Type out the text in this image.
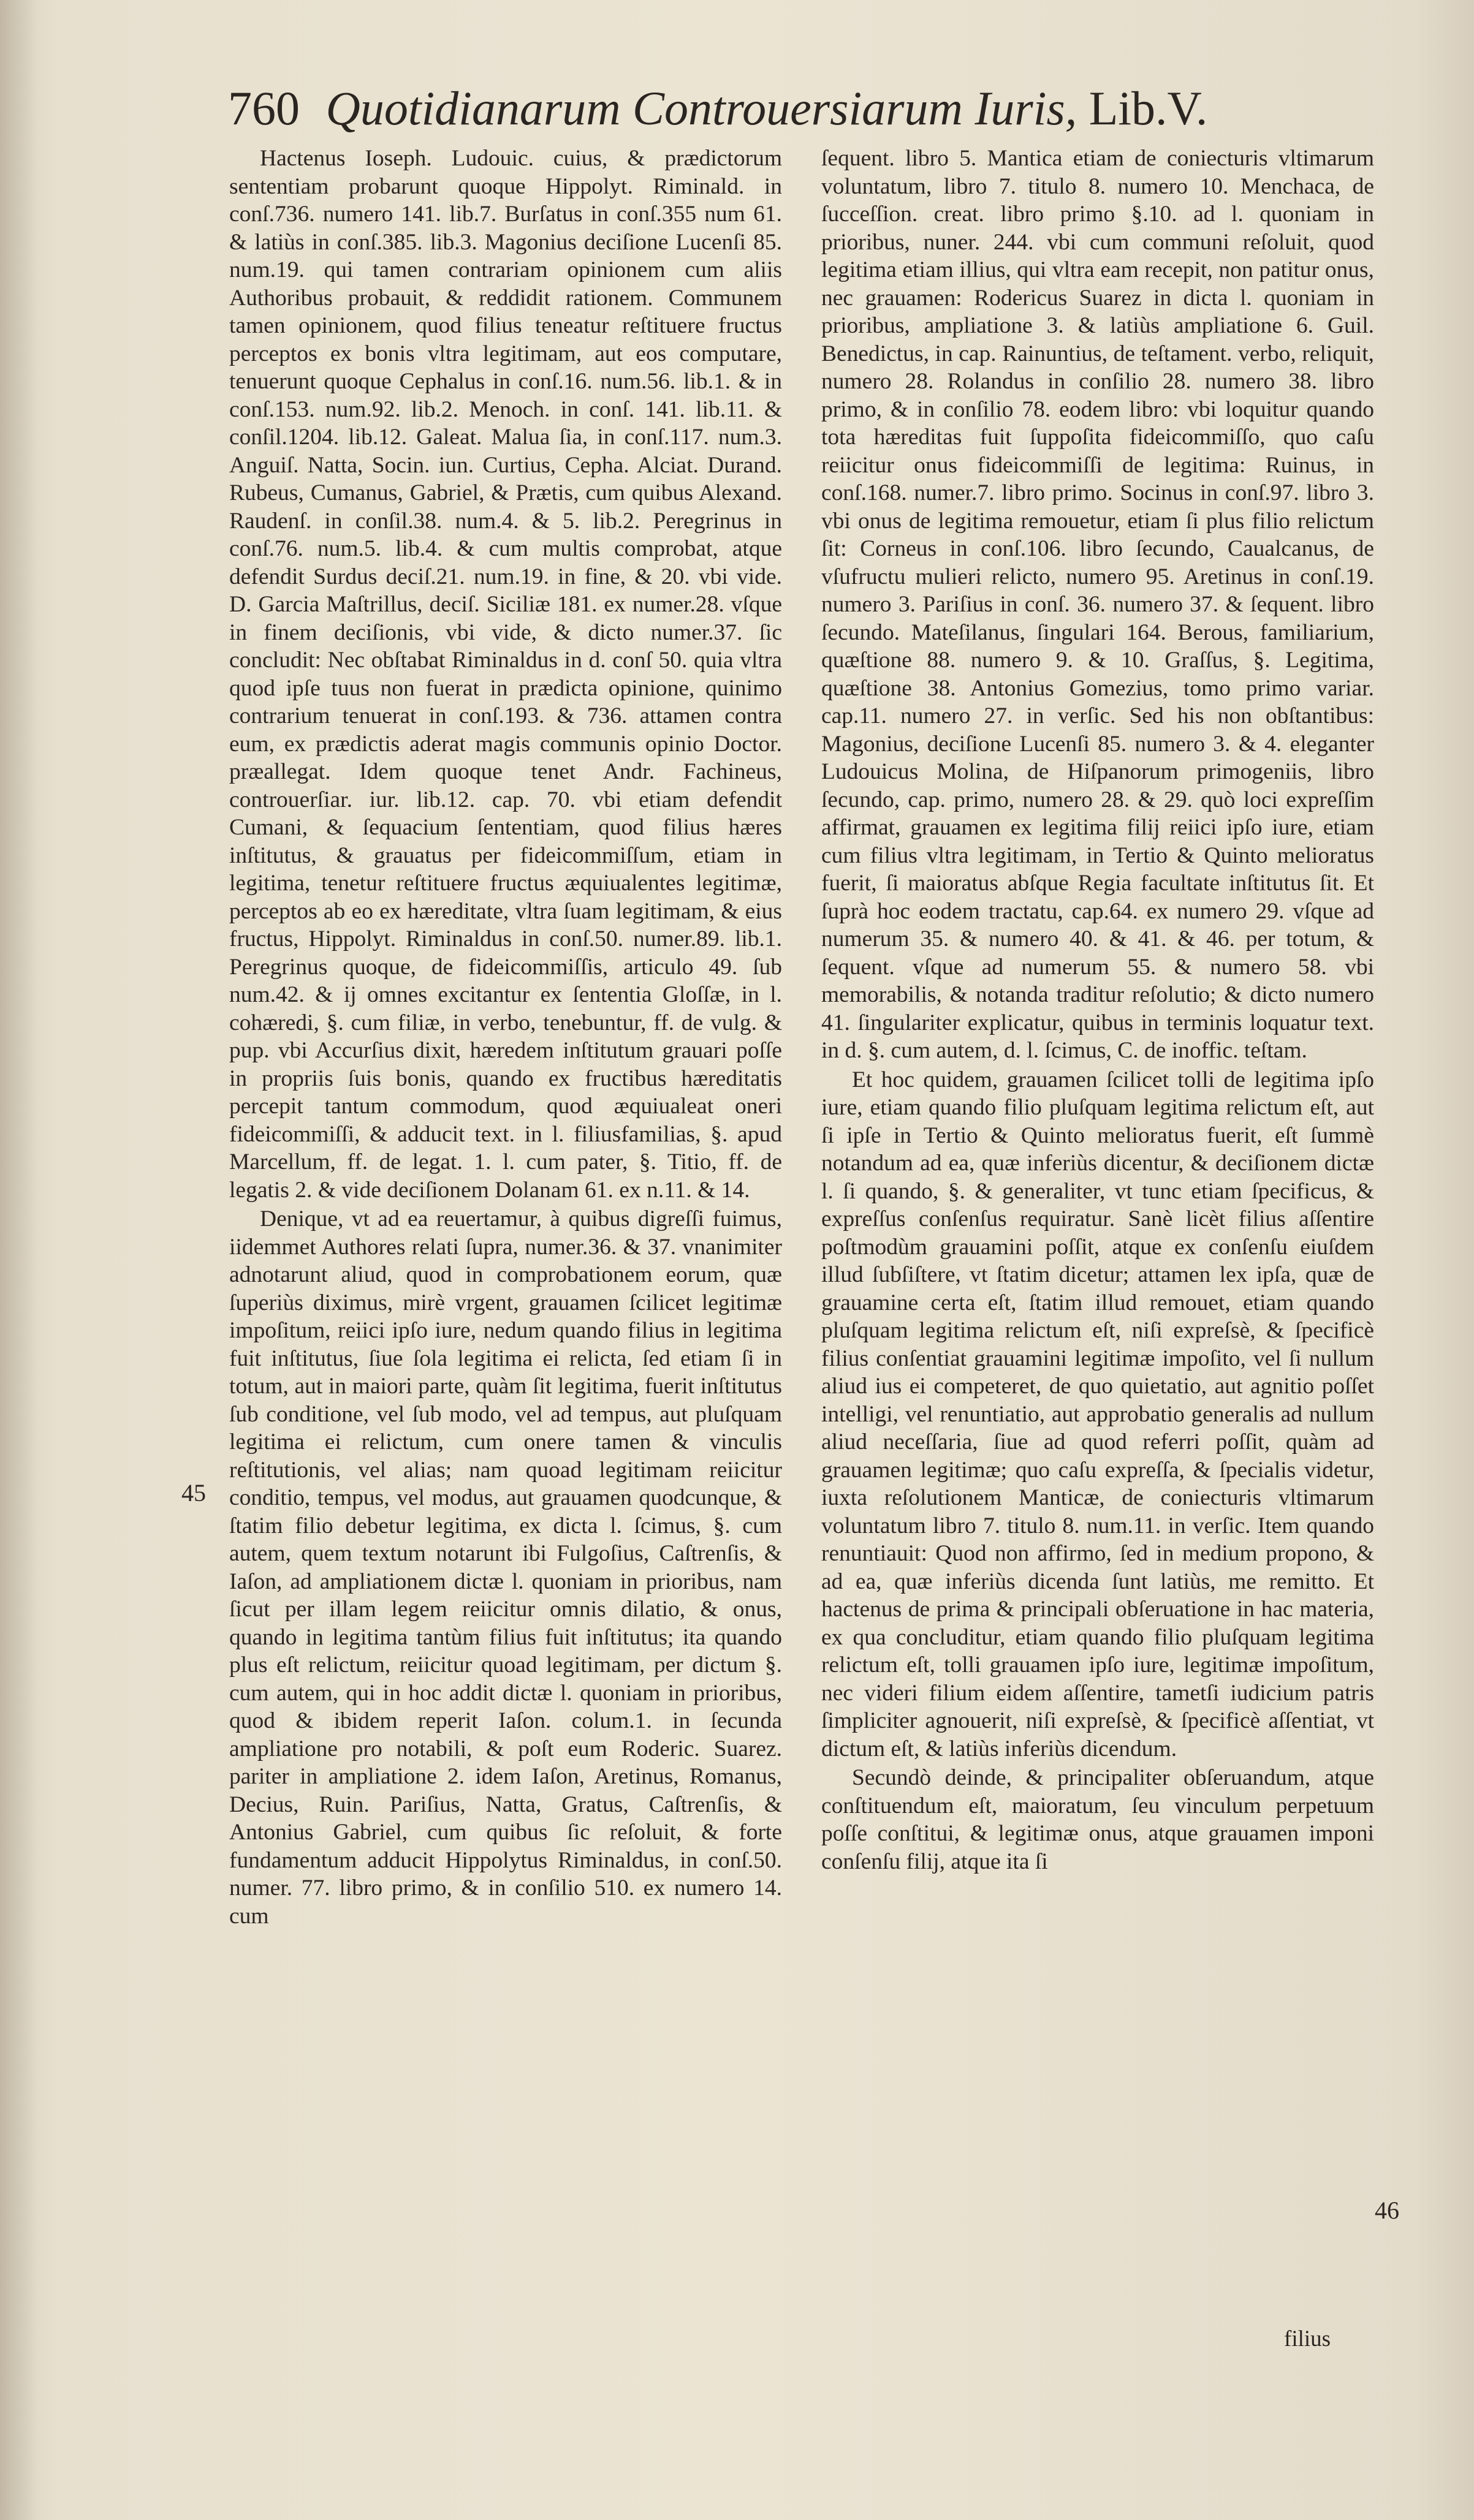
760 Quotidianarum Controuersiarum Iuris, Lib.V.

Hactenus Ioseph. Ludouic. cuius, & prædictorum sententiam probarunt quoque Hippolyt. Riminald. in conſ.736. numero 141. lib.7. Burſatus in conſ.355 num 61. & latiùs in conſ.385. lib.3. Magonius deciſione Lucenſi 85. num.19. qui tamen contrariam opinionem cum aliis Authoribus probauit, & reddidit rationem. Communem tamen opinionem, quod filius teneatur reſtituere fructus perceptos ex bonis vltra legitimam, aut eos computare, tenuerunt quoque Cephalus in conſ.16. num.56. lib.1. & in conſ.153. num.92. lib.2. Menoch. in conſ. 141. lib.11. & conſil.1204. lib.12. Galeat. Malua ſia, in conſ.117. num.3. Anguiſ. Natta, Socin. iun. Curtius, Cepha. Alciat. Durand. Rubeus, Cumanus, Gabriel, & Prætis, cum quibus Alexand. Raudenſ. in conſil.38. num.4. & 5. lib.2. Peregrinus in conſ.76. num.5. lib.4. & cum multis comprobat, atque defendit Surdus deciſ.21. num.19. in fine, & 20. vbi vide. D. Garcia Maſtrillus, deciſ. Siciliæ 181. ex numer.28. vſque in finem deciſionis, vbi vide, & dicto numer.37. ſic concludit: Nec obſtabat Riminaldus in d. conſ 50. quia vltra quod ipſe tuus non fuerat in prædicta opinione, quinimo contrarium tenuerat in conſ.193. & 736. attamen contra eum, ex prædictis aderat magis communis opinio Doctor. præallegat. Idem quoque tenet Andr. Fachineus, controuerſiar. iur. lib.12. cap. 70. vbi etiam defendit Cumani, & ſequacium ſententiam, quod filius hæres inſtitutus, & grauatus per fideicommiſſum, etiam in legitima, tenetur reſtituere fructus æquiualentes legitimæ, perceptos ab eo ex hæreditate, vltra ſuam legitimam, & eius fructus, Hippolyt. Riminaldus in conſ.50. numer.89. lib.1. Peregrinus quoque, de fideicommiſſis, articulo 49. ſub num.42. & ij omnes excitantur ex ſententia Gloſſæ, in l. cohæredi, §. cum filiæ, in verbo, tenebuntur, ff. de vulg. & pup. vbi Accurſius dixit, hæredem inſtitutum grauari poſſe in propriis ſuis bonis, quando ex fructibus hæreditatis percepit tantum commodum, quod æquiualeat oneri fideicommiſſi, & adducit text. in l. filiusfamilias, §. apud Marcellum, ff. de legat. 1. l. cum pater, §. Titio, ff. de legatis 2. & vide deciſionem Dolanam 61. ex n.11. & 14.

Denique, vt ad ea reuertamur, à quibus digreſſi fuimus, iidemmet Authores relati ſupra, numer.36. & 37. vnanimiter adnotarunt aliud, quod in comprobationem eorum, quæ ſuperiùs diximus, mirè vrgent, grauamen ſcilicet legitimæ impoſitum, reiici ipſo iure, nedum quando filius in legitima fuit inſtitutus, ſiue ſola legitima ei relicta, ſed etiam ſi in totum, aut in maiori parte, quàm ſit legitima, fuerit inſtitutus ſub conditione, vel ſub modo, vel ad tempus, aut pluſquam legitima ei relictum, cum onere tamen & vinculis reſtitutionis, vel alias; nam quoad legitimam reiicitur conditio, tempus, vel modus, aut grauamen quodcunque, & ſtatim filio debetur legitima, ex dicta l. ſcimus, §. cum autem, quem textum notarunt ibi Fulgoſius, Caſtrenſis, & Iaſon, ad ampliationem dictæ l. quoniam in prioribus, nam ſicut per illam legem reiicitur omnis dilatio, & onus, quando in legitima tantùm filius fuit inſtitutus; ita quando plus eſt relictum, reiicitur quoad legitimam, per dictum §. cum autem, qui in hoc addit dictæ l. quoniam in prioribus, quod & ibidem reperit Iaſon. colum.1. in ſecunda ampliatione pro notabili, & poſt eum Roderic. Suarez. pariter in ampliatione 2. idem Iaſon, Aretinus, Romanus, Decius, Ruin. Pariſius, Natta, Gratus, Caſtrenſis, & Antonius Gabriel, cum quibus ſic reſoluit, & forte fundamentum adducit Hippolytus Riminaldus, in conſ.50. numer. 77. libro primo, & in conſilio 510. ex numero 14. cum

ſequent. libro 5. Mantica etiam de coniecturis vltimarum voluntatum, libro 7. titulo 8. numero 10. Menchaca, de ſucceſſion. creat. libro primo §.10. ad l. quoniam in prioribus, nuner. 244. vbi cum communi reſoluit, quod legitima etiam illius, qui vltra eam recepit, non patitur onus, nec grauamen: Rodericus Suarez in dicta l. quoniam in prioribus, ampliatione 3. & latiùs ampliatione 6. Guil. Benedictus, in cap. Rainuntius, de teſtament. verbo, reliquit, numero 28. Rolandus in conſilio 28. numero 38. libro primo, & in conſilio 78. eodem libro: vbi loquitur quando tota hæreditas fuit ſuppoſita fideicommiſſo, quo caſu reiicitur onus fideicommiſſi de legitima: Ruinus, in conſ.168. numer.7. libro primo. Socinus in conſ.97. libro 3. vbi onus de legitima remouetur, etiam ſi plus filio relictum ſit: Corneus in conſ.106. libro ſecundo, Caualcanus, de vſufructu mulieri relicto, numero 95. Aretinus in conſ.19. numero 3. Pariſius in conſ. 36. numero 37. & ſequent. libro ſecundo. Mateſilanus, ſingulari 164. Berous, familiarium, quæſtione 88. numero 9. & 10. Graſſus, §. Legitima, quæſtione 38. Antonius Gomezius, tomo primo variar. cap.11. numero 27. in verſic. Sed his non obſtantibus: Magonius, deciſione Lucenſi 85. numero 3. & 4. eleganter Ludouicus Molina, de Hiſpanorum primogeniis, libro ſecundo, cap. primo, numero 28. & 29. quò loci expreſſim affirmat, grauamen ex legitima filij reiici ipſo iure, etiam cum filius vltra legitimam, in Tertio & Quinto melioratus fuerit, ſi maioratus abſque Regia facultate inſtitutus ſit. Et ſuprà hoc eodem tractatu, cap.64. ex numero 29. vſque ad numerum 35. & numero 40. & 41. & 46. per totum, & ſequent. vſque ad numerum 55. & numero 58. vbi memorabilis, & notanda traditur reſolutio; & dicto numero 41. ſingulariter explicatur, quibus in terminis loquatur text. in d. §. cum autem, d. l. ſcimus, C. de inoffic. teſtam.

Et hoc quidem, grauamen ſcilicet tolli de legitima ipſo iure, etiam quando filio pluſquam legitima relictum eſt, aut ſi ipſe in Tertio & Quinto melioratus fuerit, eſt ſummè notandum ad ea, quæ inferiùs dicentur, & deciſionem dictæ l. ſi quando, §. & generaliter, vt tunc etiam ſpecificus, & expreſſus conſenſus requiratur. Sanè licèt filius aſſentire poſtmodùm grauamini poſſit, atque ex conſenſu eiuſdem illud ſubſiſtere, vt ſtatim dicetur; attamen lex ipſa, quæ de grauamine certa eſt, ſtatim illud remouet, etiam quando pluſquam legitima relictum eſt, niſi expreſsè, & ſpecificè filius conſentiat grauamini legitimæ impoſito, vel ſi nullum aliud ius ei competeret, de quo quietatio, aut agnitio poſſet intelligi, vel renuntiatio, aut approbatio generalis ad nullum aliud neceſſaria, ſiue ad quod referri poſſit, quàm ad grauamen legitimæ; quo caſu expreſſa, & ſpecialis videtur, iuxta reſolutionem Manticæ, de coniecturis vltimarum voluntatum libro 7. titulo 8. num.11. in verſic. Item quando renuntiauit: Quod non affirmo, ſed in medium propono, & ad ea, quæ inferiùs dicenda ſunt latiùs, me remitto. Et hactenus de prima & principali obſeruatione in hac materia, ex qua concluditur, etiam quando filio pluſquam legitima relictum eſt, tolli grauamen ipſo iure, legitimæ impoſitum, nec videri filium eidem aſſentire, tametſi iudicium patris ſimpliciter agnouerit, niſi expreſsè, & ſpecificè aſſentiat, vt dictum eſt, & latiùs inferiùs dicendum.

Secundò deinde, & principaliter obſeruandum, atque conſtituendum eſt, maioratum, ſeu vinculum perpetuum poſſe conſtitui, & legitimæ onus, atque grauamen imponi conſenſu filij, atque ita ſi

45
46
filius
